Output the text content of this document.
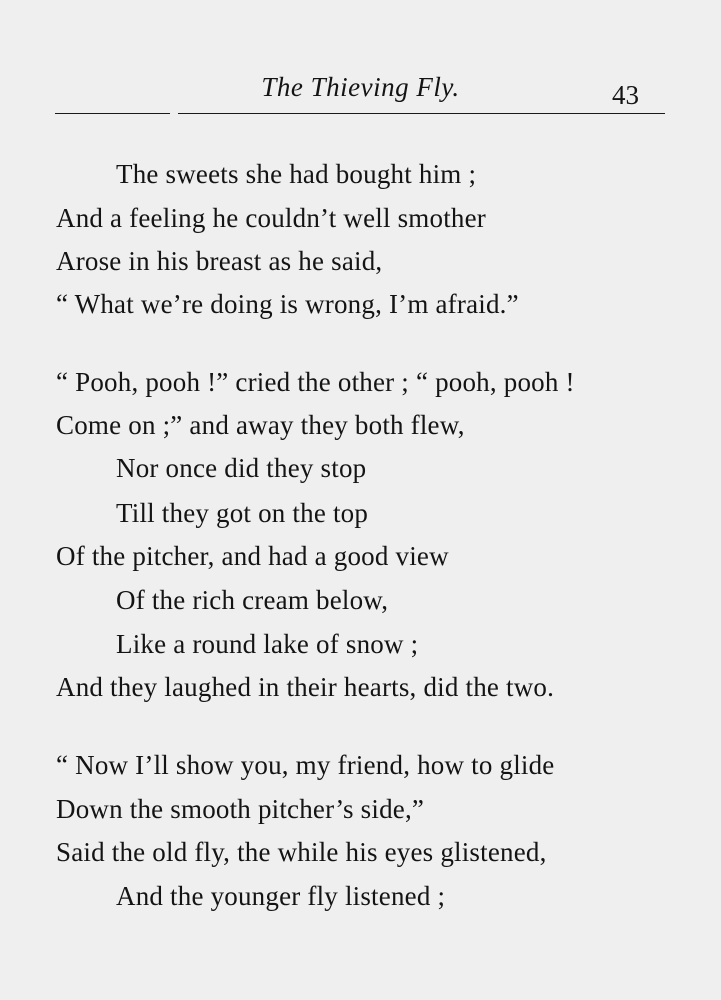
The Thieving Fly.	43
The sweets she had bought him ;
And a feeling he couldn’t well smother
Arose in his breast as he said,
“ What we’re doing is wrong, I’m afraid.”
“ Pooh, pooh !” cried the other ; “ pooh, pooh !
Come on ;” and away they both flew,
Nor once did they stop
Till they got on the top
Of the pitcher, and had a good view
Of the rich cream below,
Like a round lake of snow ;
And they laughed in their hearts, did the two.
“ Now I’ll show you, my friend, how to glide
Down the smooth pitcher’s side,”
Said the old fly, the while his eyes glistened,
And the younger fly listened ;
